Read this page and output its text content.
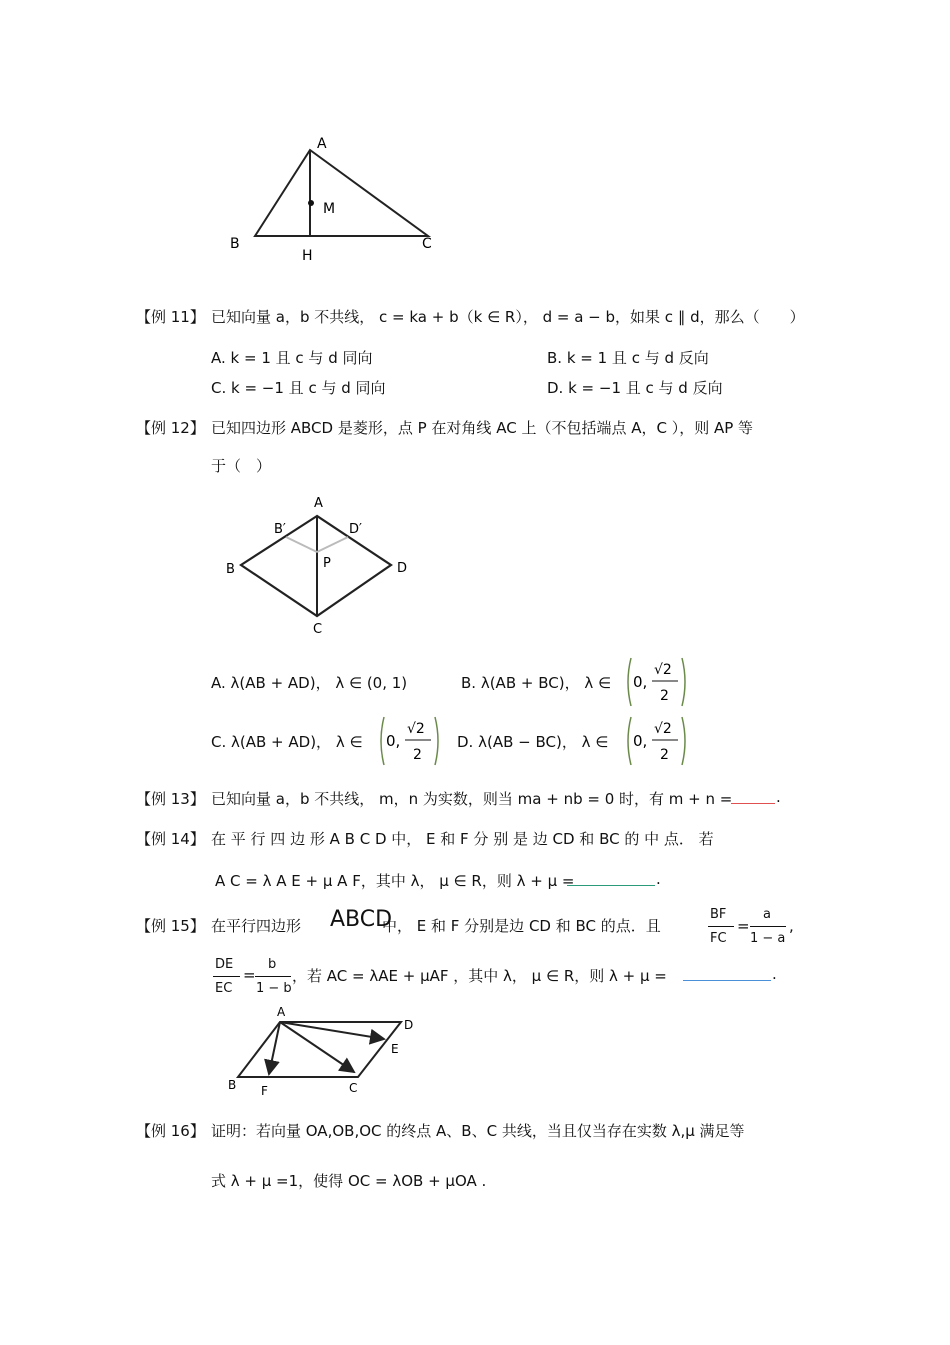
A
B	C
H
M
【例 11】 已知向量 a，b 不共线， c = ka + b（k ∈ R）， d = a − b，如果 c ∥ d，那么（　　）
A. k = 1 且 c 与 d 同向	B. k = 1 且 c 与 d 反向
C. k = −1 且 c 与 d 同向	D. k = −1 且 c 与 d 反向
【例 12】 已知四边形 ABCD 是菱形，点 P 在对角线 AC 上（不包括端点 A，C ），则 AP 等
于（　）
A
B
C
D
P
B′	D′
A. λ(AB + AD)， λ ∈ (0, 1)	B. λ(AB + BC)， λ ∈ 0,
√2
2
C. λ(AB + AD)， λ ∈ 0,
√2
2
D. λ(AB − BC)， λ ∈ 0,
√2
2
【例 13】 已知向量 a，b 不共线， m，n 为实数，则当 ma + nb = 0 时，有 m + n =	.
【例 14】 在 平 行 四 边 形 A B C D 中， E 和 F 分 别 是 边 CD 和 BC 的 中 点． 若
A C = λ A E + μ A F，其中 λ， μ ∈ R，则 λ + μ =	.
【例 15】 在平行四边形 ABCD
中， E 和 F 分别是边 CD 和 BC 的点．且
BF
FC
=
a
1 − a
,
DE
EC
=
b
1 − b
，若 AC = λAE + μAF ，其中 λ， μ ∈ R，则 λ + μ =	.
A
B	C
D
E
F
【例 16】 证明：若向量 OA,OB,OC 的终点 A、B、C 共线，当且仅当存在实数 λ,μ 满足等
式 λ + μ =1，使得 OC = λOB + μOA .
